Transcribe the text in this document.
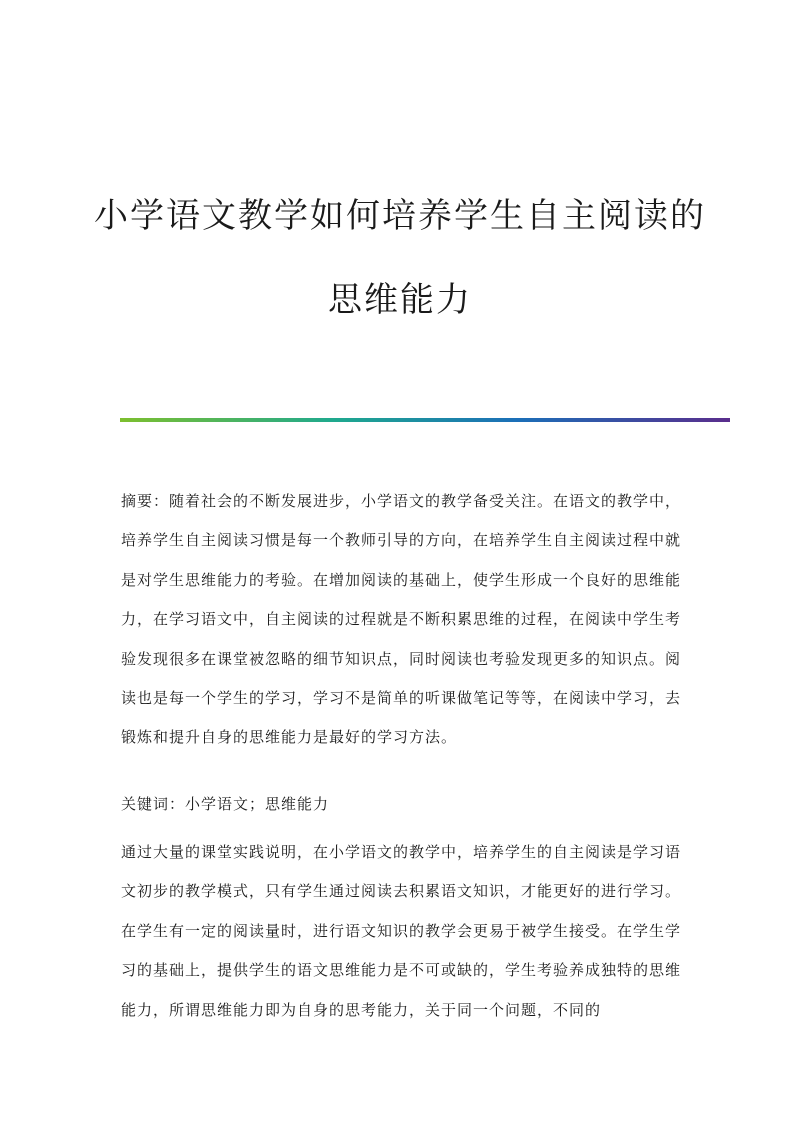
小学语文教学如何培养学生自主阅读的
思维能力

摘要：随着社会的不断发展进步，小学语文的教学备受关注。在语文的教学中，培养学生自主阅读习惯是每一个教师引导的方向，在培养学生自主阅读过程中就是对学生思维能力的考验。在增加阅读的基础上，使学生形成一个良好的思维能力，在学习语文中，自主阅读的过程就是不断积累思维的过程，在阅读中学生考验发现很多在课堂被忽略的细节知识点，同时阅读也考验发现更多的知识点。阅读也是每一个学生的学习，学习不是简单的听课做笔记等等，在阅读中学习，去锻炼和提升自身的思维能力是最好的学习方法。

关键词：小学语文；思维能力

通过大量的课堂实践说明，在小学语文的教学中，培养学生的自主阅读是学习语文初步的教学模式，只有学生通过阅读去积累语文知识，才能更好的进行学习。在学生有一定的阅读量时，进行语文知识的教学会更易于被学生接受。在学生学习的基础上，提供学生的语文思维能力是不可或缺的，学生考验养成独特的思维能力，所谓思维能力即为自身的思考能力，关于同一个问题，不同的
